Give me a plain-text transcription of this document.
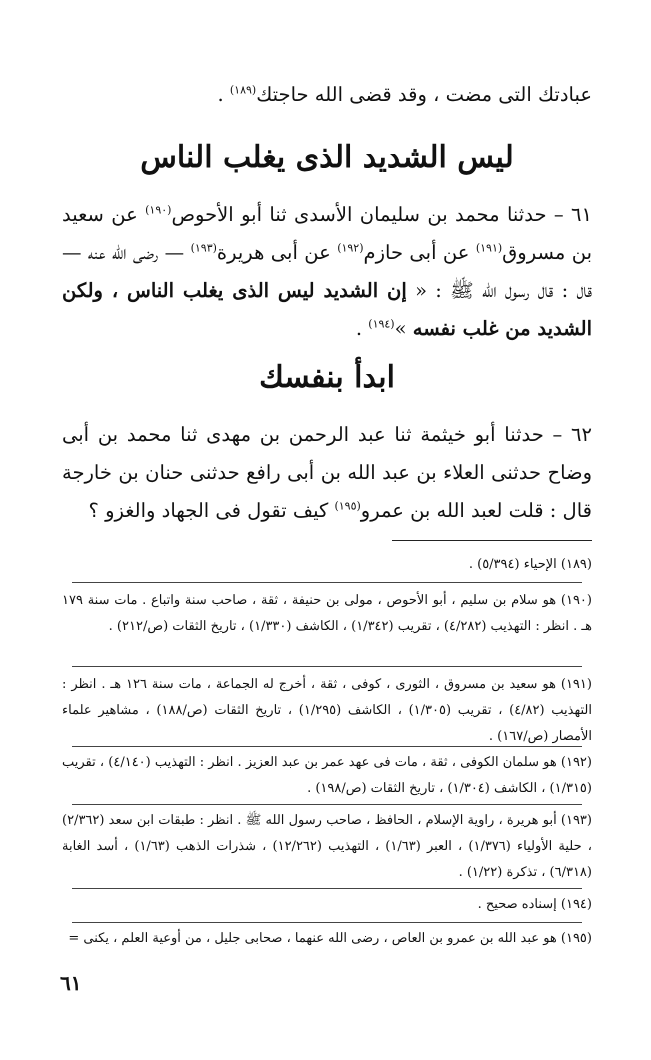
عبادتك التى مضت ، وقد قضى الله حاجتك$^{(١٨٩)}$ .
ليس الشديد الذى يغلب الناس
٦١ – حدثنا محمد بن سليمان الأسدى ثنا أبو الأحوص$^{(١٩٠)}$ عن سعيد بن مسروق$^{(١٩١)}$ عن أبى حازم$^{(١٩٢)}$ عن أبى هريرة$^{(١٩٣)}$ — رضى الله عنه — قال : قال رسول الله ﷺ : « إن الشديد ليس الذى يغلب الناس ، ولكن الشديد من غلب نفسه »$^{(١٩٤)}$ .
ابدأ بنفسك
٦٢ – حدثنا أبو خيثمة ثنا عبد الرحمن بن مهدى ثنا محمد بن أبى وضاح حدثنى العلاء بن عبد الله بن أبى رافع حدثنى حنان بن خارجة قال : قلت لعبد الله بن عمرو$^{(١٩٥)}$ كيف تقول فى الجهاد والغزو ؟
(١٨٩) الإحياء (٥/٣٩٤) .
(١٩٠) هو سلام بن سليم ، أبو الأحوص ، مولى بن حنيفة ، ثقة ، صاحب سنة واتباع . مات سنة ١٧٩ هـ . انظر : التهذيب (٤/٢٨٢) ، تقريب (١/٣٤٢) ، الكاشف (١/٣٣٠) ، تاريخ الثقات (ص/٢١٢) .
(١٩١) هو سعيد بن مسروق ، الثورى ، كوفى ، ثقة ، أخرج له الجماعة ، مات سنة ١٢٦ هـ . انظر : التهذيب (٤/٨٢) ، تقريب (١/٣٠٥) ، الكاشف (١/٢٩٥) ، تاريخ الثقات (ص/١٨٨) ، مشاهير علماء الأمصار (ص/١٦٧) .
(١٩٢) هو سلمان الكوفى ، ثقة ، مات فى عهد عمر بن عبد العزيز . انظر : التهذيب (٤/١٤٠) ، تقريب (١/٣١٥) ، الكاشف (١/٣٠٤) ، تاريخ الثقات (ص/١٩٨) .
(١٩٣) أبو هريرة ، راوية الإسلام ، الحافظ ، صاحب رسول الله ﷺ . انظر : طبقات ابن سعد (٢/٣٦٢) ، حلية الأولياء (١/٣٧٦) ، العبر (١/٦٣) ، التهذيب (١٢/٢٦٢) ، شذرات الذهب (١/٦٣) ، أسد الغابة (٦/٣١٨) ، تذكرة (١/٢٢) .
(١٩٤) إسناده صحيح .
(١٩٥) هو عبد الله بن عمرو بن العاص ، رضى الله عنهما ، صحابى جليل ، من أوعية العلم ، يكنى =
٦١
